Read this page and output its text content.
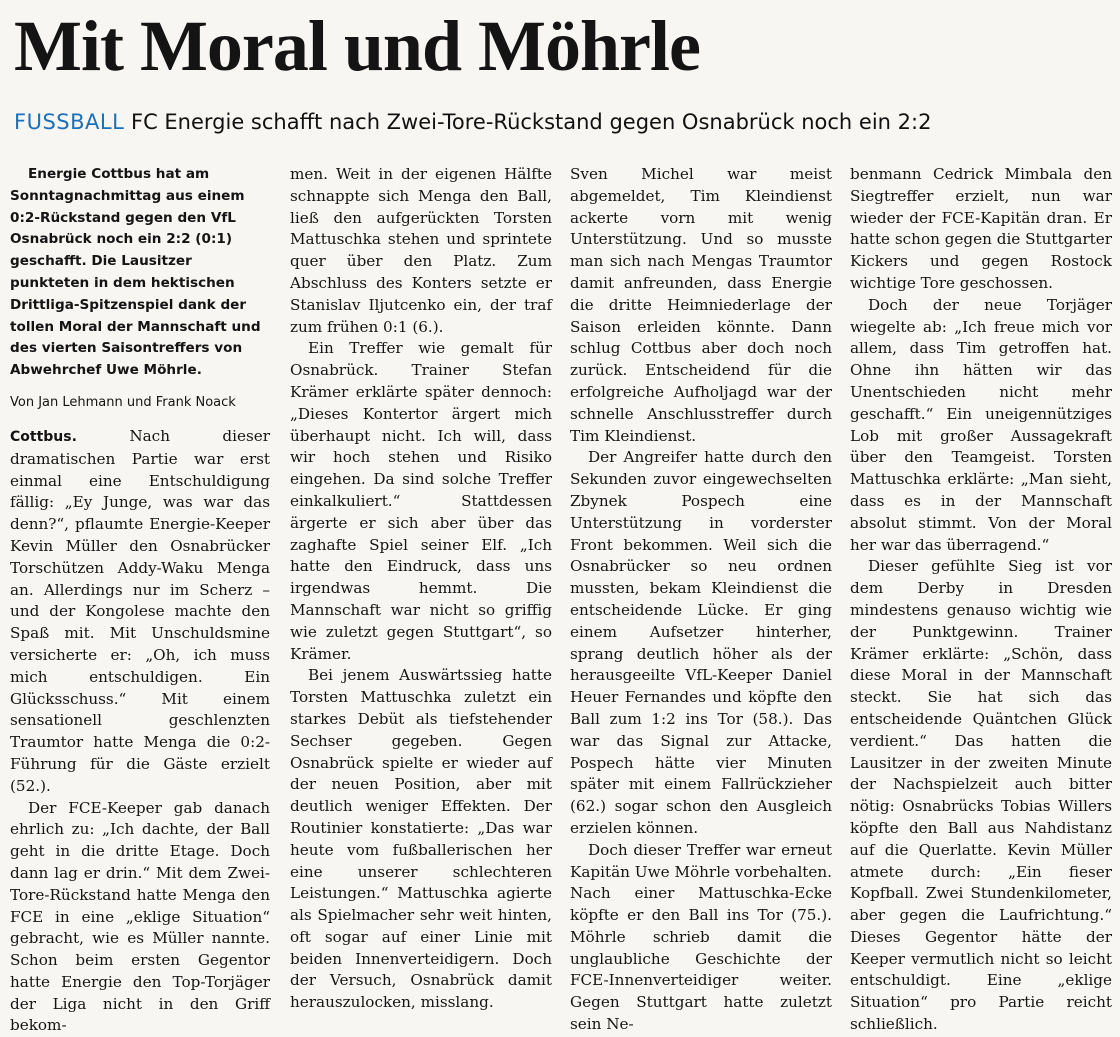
Mit Moral und Möhrle
FUSSBALL FC Energie schafft nach Zwei-Tore-Rückstand gegen Osnabrück noch ein 2:2

Energie Cottbus hat am Sonntagnachmittag aus einem 0:2-Rückstand gegen den VfL Osnabrück noch ein 2:2 (0:1) geschafft. Die Lausitzer punkteten in dem hektischen Drittliga-Spitzenspiel dank der tollen Moral der Mannschaft und des vierten Saisontreffers von Abwehrchef Uwe Möhrle.

Von Jan Lehmann und Frank Noack

Cottbus.	Nach dieser dramatischen Partie war erst einmal eine Entschuldigung fällig: „Ey Junge, was war das denn?“, pflaumte Energie-Keeper Kevin Müller den Osnabrücker Torschützen Addy-Waku Menga an. Allerdings nur im Scherz – und der Kongolese machte den Spaß mit. Mit Unschuldsmine versicherte er: „Oh, ich muss mich entschuldigen. Ein Glücksschuss.“ Mit einem sensationell geschlenzten Traumtor hatte Menga die 0:2-Führung für die Gäste erzielt (52.).

Der FCE-Keeper gab danach ehrlich zu: „Ich dachte, der Ball geht in die dritte Etage. Doch dann lag er drin.“ Mit dem Zwei-Tore-Rückstand hatte Menga den FCE in eine „eklige Situation“ gebracht, wie es Müller nannte. Schon beim ersten Gegentor hatte Energie den Top-Torjäger der Liga nicht in den Griff bekom-

men. Weit in der eigenen Hälfte schnappte sich Menga den Ball, ließ den aufgerückten Torsten Mattuschka stehen und sprintete quer über den Platz. Zum Abschluss des Konters setzte er Stanislav Iljutcenko ein, der traf zum frühen 0:1 (6.).

Ein Treffer wie gemalt für Osnabrück. Trainer Stefan Krämer erklärte später dennoch: „Dieses Kontertor ärgert mich überhaupt nicht. Ich will, dass wir hoch stehen und Risiko eingehen. Da sind solche Treffer einkalkuliert.“ Stattdessen ärgerte er sich aber über das zaghafte Spiel seiner Elf. „Ich hatte den Eindruck, dass uns irgendwas hemmt. Die Mannschaft war nicht so griffig wie zuletzt gegen Stuttgart“, so Krämer.

Bei jenem Auswärtssieg hatte Torsten Mattuschka zuletzt ein starkes Debüt als tiefstehender Sechser gegeben. Gegen Osnabrück spielte er wieder auf der neuen Position, aber mit deutlich weniger Effekten. Der Routinier konstatierte: „Das war heute vom fußballerischen her eine unserer schlechteren Leistungen.“ Mattuschka agierte als Spielmacher sehr weit hinten, oft sogar auf einer Linie mit beiden Innenverteidigern. Doch der Versuch, Osnabrück damit herauszulocken, misslang.

Sven Michel war meist abgemeldet, Tim Kleindienst ackerte vorn mit wenig Unterstützung. Und so musste man sich nach Mengas Traumtor damit anfreunden, dass Energie die dritte Heimniederlage der Saison erleiden könnte. Dann schlug Cottbus aber doch noch zurück. Entscheidend für die erfolgreiche Aufholjagd war der schnelle Anschlusstreffer durch Tim Kleindienst.

Der Angreifer hatte durch den Sekunden zuvor eingewechselten Zbynek Pospech eine Unterstützung in vorderster Front bekommen. Weil sich die Osnabrücker so neu ordnen mussten, bekam Kleindienst die entscheidende Lücke. Er ging einem Aufsetzer hinterher, sprang deutlich höher als der herausgeeilte VfL-Keeper Daniel Heuer Fernandes und köpfte den Ball zum 1:2 ins Tor (58.). Das war das Signal zur Attacke, Pospech hätte vier Minuten später mit einem Fallrückzieher (62.) sogar schon den Ausgleich erzielen können.

Doch dieser Treffer war erneut Kapitän Uwe Möhrle vorbehalten. Nach einer Mattuschka-Ecke köpfte er den Ball ins Tor (75.). Möhrle schrieb damit die unglaubliche Geschichte der FCE-Innenverteidiger weiter. Gegen Stuttgart hatte zuletzt sein Ne-

benmann Cedrick Mimbala den Siegtreffer erzielt, nun war wieder der FCE-Kapitän dran. Er hatte schon gegen die Stuttgarter Kickers und gegen Rostock wichtige Tore geschossen.

Doch der neue Torjäger wiegelte ab: „Ich freue mich vor allem, dass Tim getroffen hat. Ohne ihn hätten wir das Unentschieden nicht mehr geschafft.“ Ein uneigennütziges Lob mit großer Aussagekraft über den Teamgeist. Torsten Mattuschka erklärte: „Man sieht, dass es in der Mannschaft absolut stimmt. Von der Moral her war das überragend.“

Dieser gefühlte Sieg ist vor dem Derby in Dresden mindestens genauso wichtig wie der Punktgewinn. Trainer Krämer erklärte: „Schön, dass diese Moral in der Mannschaft steckt. Sie hat sich das entscheidende Quäntchen Glück verdient.“ Das hatten die Lausitzer in der zweiten Minute der Nachspielzeit auch bitter nötig: Osnabrücks Tobias Willers köpfte den Ball aus Nahdistanz auf die Querlatte. Kevin Müller atmete durch: „Ein fieser Kopfball. Zwei Stundenkilometer, aber gegen die Laufrichtung.“ Dieses Gegentor hätte der Keeper vermutlich nicht so leicht entschuldigt. Eine „eklige Situation“ pro Partie reicht schließlich.
